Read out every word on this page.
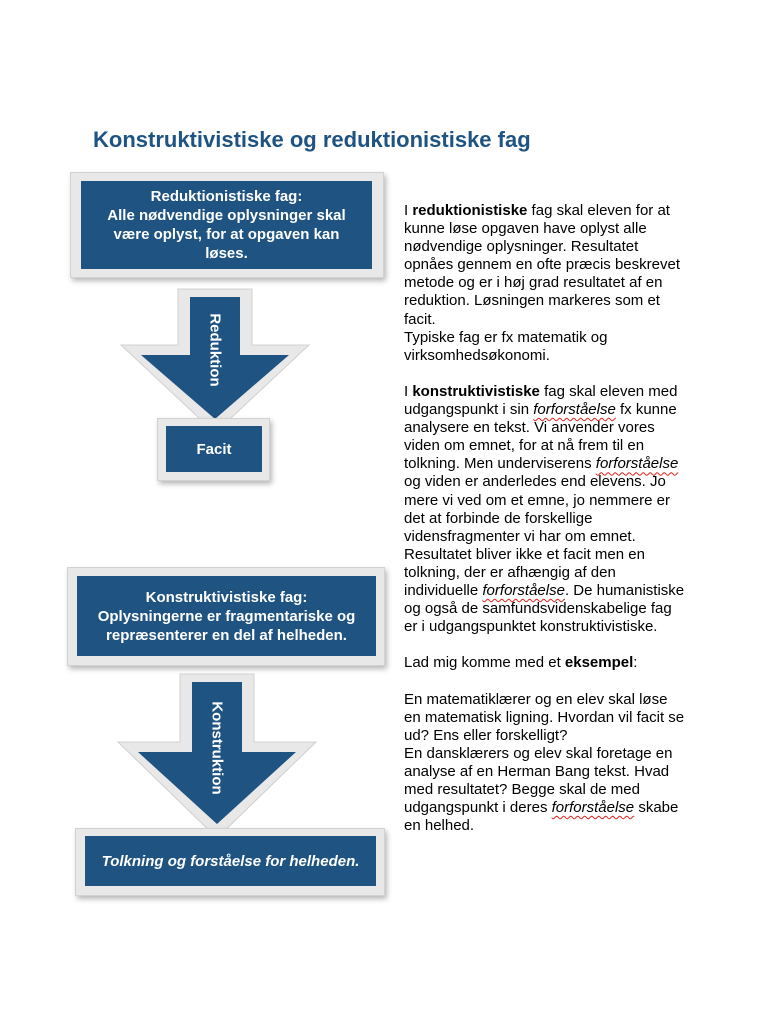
Konstruktivistiske og reduktionistiske fag
Reduktionistiske fag:
Alle nødvendige oplysninger skal
være oplyst, for at opgaven kan
løses.
Reduktion
Facit
Konstruktivistiske fag:
Oplysningerne er fragmentariske og
repræsenterer en del af helheden.
Konstruktion
Tolkning og forståelse for helheden.

I reduktionistiske fag skal eleven for at kunne løse opgaven have oplyst alle nødvendige oplysninger. Resultatet opnåes gennem en ofte præcis beskrevet metode og er i høj grad resultatet af en reduktion. Løsningen markeres som et facit.
Typiske fag er fx matematik og virksomhedsøkonomi.

I konstruktivistiske fag skal eleven med udgangspunkt i sin forforståelse fx kunne analysere en tekst. Vi anvender vores viden om emnet, for at nå frem til en tolkning. Men underviserens forforståelse og viden er anderledes end elevens. Jo mere vi ved om et emne, jo nemmere er det at forbinde de forskellige vidensfragmenter vi har om emnet. Resultatet bliver ikke et facit men en tolkning, der er afhængig af den individuelle forforståelse. De humanistiske og også de samfundsvidenskabelige fag er i udgangspunktet konstruktivistiske.

Lad mig komme med et eksempel:

En matematiklærer og en elev skal løse en matematisk ligning. Hvordan vil facit se ud? Ens eller forskelligt?
En dansklærers og elev skal foretage en analyse af en Herman Bang tekst. Hvad med resultatet? Begge skal de med udgangspunkt i deres forforståelse skabe en helhed.
